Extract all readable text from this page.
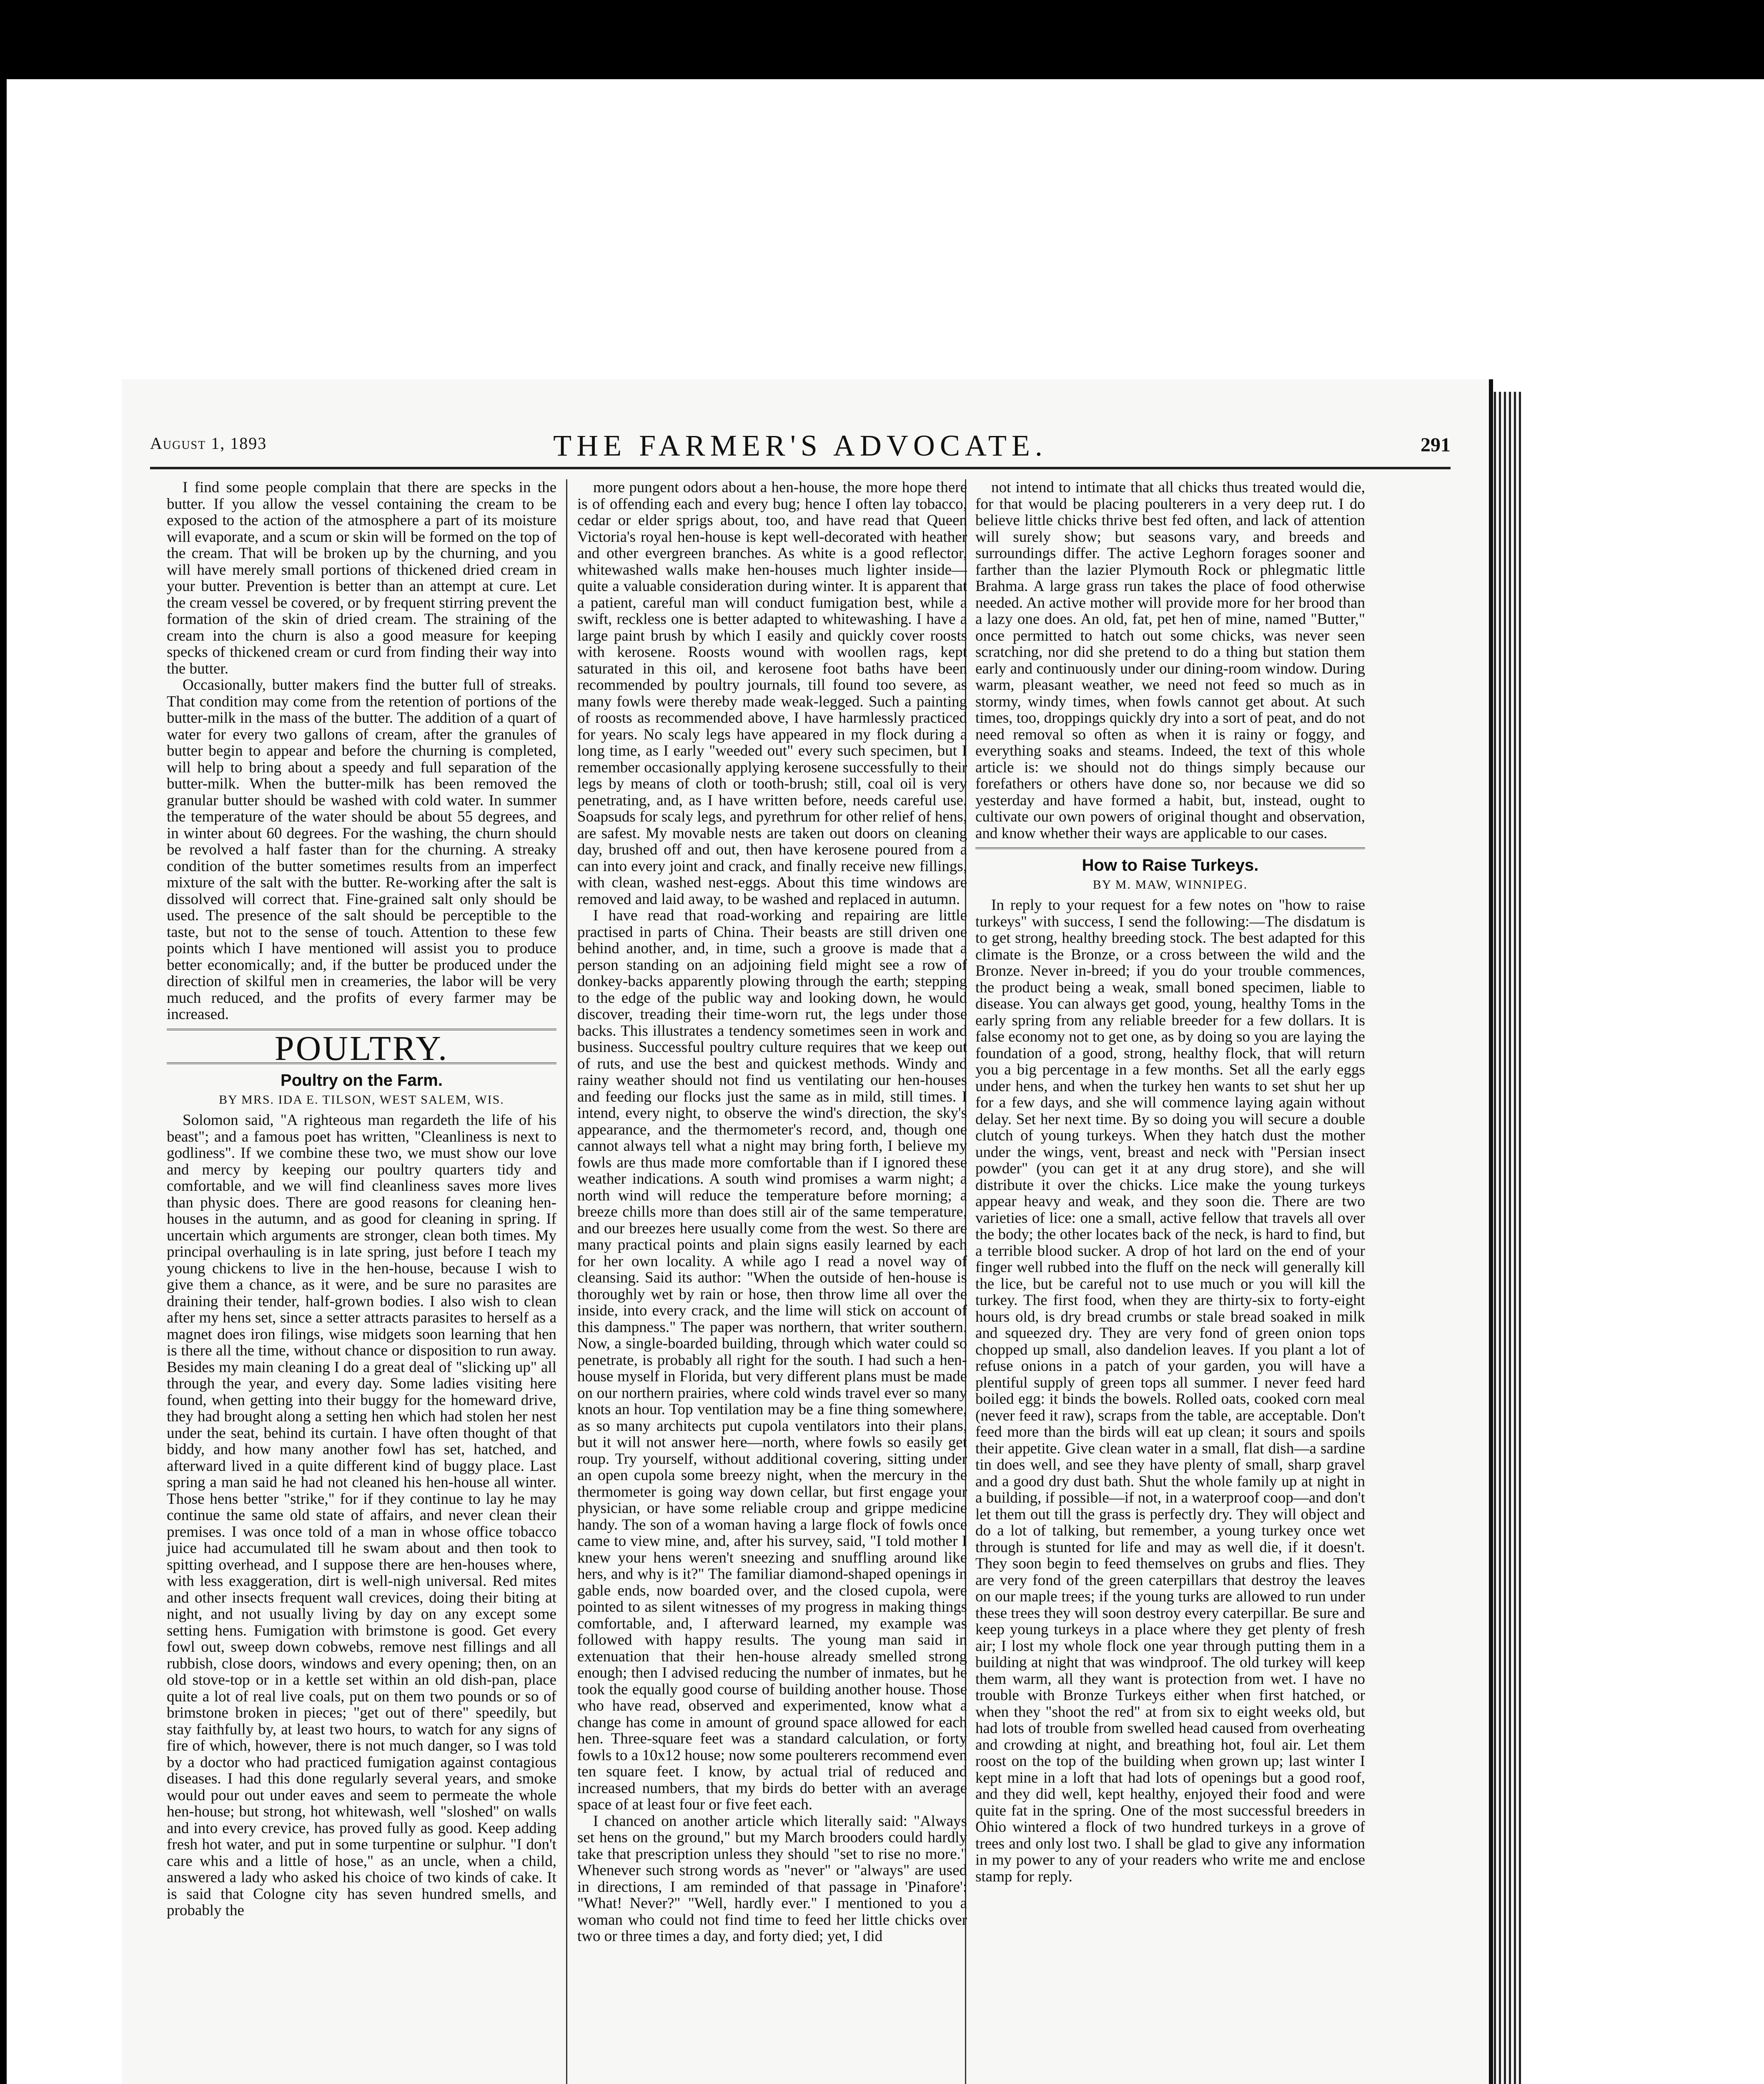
August 1, 1893	THE FARMER'S ADVOCATE.	291

I find some people complain that there are specks in the butter. If you allow the vessel containing the cream to be exposed to the action of the atmosphere a part of its moisture will evaporate, and a scum or skin will be formed on the top of the cream. That will be broken up by the churning, and you will have merely small portions of thickened dried cream in your butter. Prevention is better than an attempt at cure. Let the cream vessel be covered, or by frequent stirring prevent the formation of the skin of dried cream. The straining of the cream into the churn is also a good measure for keeping specks of thickened cream or curd from finding their way into the butter.

Occasionally, butter makers find the butter full of streaks. That condition may come from the retention of portions of the butter-milk in the mass of the butter. The addition of a quart of water for every two gallons of cream, after the granules of butter begin to appear and before the churning is completed, will help to bring about a speedy and full separation of the butter-milk. When the butter-milk has been removed the granular butter should be washed with cold water. In summer the temperature of the water should be about 55 degrees, and in winter about 60 degrees. For the washing, the churn should be revolved a half faster than for the churning. A streaky condition of the butter sometimes results from an imperfect mixture of the salt with the butter. Re-working after the salt is dissolved will correct that. Fine-grained salt only should be used. The presence of the salt should be perceptible to the taste, but not to the sense of touch. Attention to these few points which I have mentioned will assist you to produce better economically; and, if the butter be produced under the direction of skilful men in creameries, the labor will be very much reduced, and the profits of every farmer may be increased.

POULTRY.
Poultry on the Farm.
BY MRS. IDA E. TILSON, WEST SALEM, WIS.

Solomon said, "A righteous man regardeth the life of his beast"; and a famous poet has written, "Cleanliness is next to godliness". If we combine these two, we must show our love and mercy by keeping our poultry quarters tidy and comfortable, and we will find cleanliness saves more lives than physic does. There are good reasons for cleaning hen-houses in the autumn, and as good for cleaning in spring. If uncertain which arguments are stronger, clean both times. My principal overhauling is in late spring, just before I teach my young chickens to live in the hen-house, because I wish to give them a chance, as it were, and be sure no parasites are draining their tender, half-grown bodies. I also wish to clean after my hens set, since a setter attracts parasites to herself as a magnet does iron filings, wise midgets soon learning that hen is there all the time, without chance or disposition to run away. Besides my main cleaning I do a great deal of "slicking up" all through the year, and every day. Some ladies visiting here found, when getting into their buggy for the homeward drive, they had brought along a setting hen which had stolen her nest under the seat, behind its curtain. I have often thought of that biddy, and how many another fowl has set, hatched, and afterward lived in a quite different kind of buggy place. Last spring a man said he had not cleaned his hen-house all winter. Those hens better "strike," for if they continue to lay he may continue the same old state of affairs, and never clean their premises. I was once told of a man in whose office tobacco juice had accumulated till he swam about and then took to spitting overhead, and I suppose there are hen-houses where, with less exaggeration, dirt is well-nigh universal. Red mites and other insects frequent wall crevices, doing their biting at night, and not usually living by day on any except some setting hens. Fumigation with brimstone is good. Get every fowl out, sweep down cobwebs, remove nest fillings and all rubbish, close doors, windows and every opening; then, on an old stove-top or in a kettle set within an old dish-pan, place quite a lot of real live coals, put on them two pounds or so of brimstone broken in pieces; "get out of there" speedily, but stay faithfully by, at least two hours, to watch for any signs of fire of which, however, there is not much danger, so I was told by a doctor who had practiced fumigation against contagious diseases. I had this done regularly several years, and smoke would pour out under eaves and seem to permeate the whole hen-house; but strong, hot whitewash, well "sloshed" on walls and into every crevice, has proved fully as good. Keep adding fresh hot water, and put in some turpentine or sulphur. "I don't care whis and a little of hose," as an uncle, when a child, answered a lady who asked his choice of two kinds of cake. It is said that Cologne city has seven hundred smells, and probably the

more pungent odors about a hen-house, the more hope there is of offending each and every bug; hence I often lay tobacco, cedar or elder sprigs about, too, and have read that Queen Victoria's royal hen-house is kept well-decorated with heather and other evergreen branches. As white is a good reflector, whitewashed walls make hen-houses much lighter inside—quite a valuable consideration during winter. It is apparent that a patient, careful man will conduct fumigation best, while a swift, reckless one is better adapted to whitewashing. I have a large paint brush by which I easily and quickly cover roosts with kerosene. Roosts wound with woollen rags, kept saturated in this oil, and kerosene foot baths have been recommended by poultry journals, till found too severe, as many fowls were thereby made weak-legged. Such a painting of roosts as recommended above, I have harmlessly practiced for years. No scaly legs have appeared in my flock during a long time, as I early "weeded out" every such specimen, but I remember occasionally applying kerosene successfully to their legs by means of cloth or tooth-brush; still, coal oil is very penetrating, and, as I have written before, needs careful use. Soapsuds for scaly legs, and pyrethrum for other relief of hens, are safest. My movable nests are taken out doors on cleaning day, brushed off and out, then have kerosene poured from a can into every joint and crack, and finally receive new fillings, with clean, washed nest-eggs. About this time windows are removed and laid away, to be washed and replaced in autumn.

I have read that road-working and repairing are little practised in parts of China. Their beasts are still driven one behind another, and, in time, such a groove is made that a person standing on an adjoining field might see a row of donkey-backs apparently plowing through the earth; stepping to the edge of the public way and looking down, he would discover, treading their time-worn rut, the legs under those backs. This illustrates a tendency sometimes seen in work and business. Successful poultry culture requires that we keep out of ruts, and use the best and quickest methods. Windy and rainy weather should not find us ventilating our hen-houses and feeding our flocks just the same as in mild, still times. I intend, every night, to observe the wind's direction, the sky's appearance, and the thermometer's record, and, though one cannot always tell what a night may bring forth, I believe my fowls are thus made more comfortable than if I ignored these weather indications. A south wind promises a warm night; a north wind will reduce the temperature before morning; a breeze chills more than does still air of the same temperature, and our breezes here usually come from the west. So there are many practical points and plain signs easily learned by each for her own locality. A while ago I read a novel way of cleansing. Said its author: "When the outside of hen-house is thoroughly wet by rain or hose, then throw lime all over the inside, into every crack, and the lime will stick on account of this dampness." The paper was northern, that writer southern. Now, a single-boarded building, through which water could so penetrate, is probably all right for the south. I had such a hen-house myself in Florida, but very different plans must be made on our northern prairies, where cold winds travel ever so many knots an hour. Top ventilation may be a fine thing somewhere, as so many architects put cupola ventilators into their plans, but it will not answer here—north, where fowls so easily get roup. Try yourself, without additional covering, sitting under an open cupola some breezy night, when the mercury in the thermometer is going way down cellar, but first engage your physician, or have some reliable croup and grippe medicine handy. The son of a woman having a large flock of fowls once came to view mine, and, after his survey, said, "I told mother I knew your hens weren't sneezing and snuffling around like hers, and why is it?" The familiar diamond-shaped openings in gable ends, now boarded over, and the closed cupola, were pointed to as silent witnesses of my progress in making things comfortable, and, I afterward learned, my example was followed with happy results. The young man said in extenuation that their hen-house already smelled strong enough; then I advised reducing the number of inmates, but he took the equally good course of building another house. Those who have read, observed and experimented, know what a change has come in amount of ground space allowed for each hen. Three-square feet was a standard calculation, or forty fowls to a 10x12 house; now some poulterers recommend even ten square feet. I know, by actual trial of reduced and increased numbers, that my birds do better with an average space of at least four or five feet each.

I chanced on another article which literally said: "Always set hens on the ground," but my March brooders could hardly take that prescription unless they should "set to rise no more." Whenever such strong words as "never" or "always" are used in directions, I am reminded of that passage in 'Pinafore': "What! Never?" "Well, hardly ever." I mentioned to you a woman who could not find time to feed her little chicks over two or three times a day, and forty died; yet, I did

not intend to intimate that all chicks thus treated would die, for that would be placing poulterers in a very deep rut. I do believe little chicks thrive best fed often, and lack of attention will surely show; but seasons vary, and breeds and surroundings differ. The active Leghorn forages sooner and farther than the lazier Plymouth Rock or phlegmatic little Brahma. A large grass run takes the place of food otherwise needed. An active mother will provide more for her brood than a lazy one does. An old, fat, pet hen of mine, named "Butter," once permitted to hatch out some chicks, was never seen scratching, nor did she pretend to do a thing but station them early and continuously under our dining-room window. During warm, pleasant weather, we need not feed so much as in stormy, windy times, when fowls cannot get about. At such times, too, droppings quickly dry into a sort of peat, and do not need removal so often as when it is rainy or foggy, and everything soaks and steams. Indeed, the text of this whole article is: we should not do things simply because our forefathers or others have done so, nor because we did so yesterday and have formed a habit, but, instead, ought to cultivate our own powers of original thought and observation, and know whether their ways are applicable to our cases.

How to Raise Turkeys.
BY M. MAW, WINNIPEG.

In reply to your request for a few notes on "how to raise turkeys" with success, I send the following:—The disdatum is to get strong, healthy breeding stock. The best adapted for this climate is the Bronze, or a cross between the wild and the Bronze. Never in-breed; if you do your trouble commences, the product being a weak, small boned specimen, liable to disease. You can always get good, young, healthy Toms in the early spring from any reliable breeder for a few dollars. It is false economy not to get one, as by doing so you are laying the foundation of a good, strong, healthy flock, that will return you a big percentage in a few months. Set all the early eggs under hens, and when the turkey hen wants to set shut her up for a few days, and she will commence laying again without delay. Set her next time. By so doing you will secure a double clutch of young turkeys. When they hatch dust the mother under the wings, vent, breast and neck with "Persian insect powder" (you can get it at any drug store), and she will distribute it over the chicks. Lice make the young turkeys appear heavy and weak, and they soon die. There are two varieties of lice: one a small, active fellow that travels all over the body; the other locates back of the neck, is hard to find, but a terrible blood sucker. A drop of hot lard on the end of your finger well rubbed into the fluff on the neck will generally kill the lice, but be careful not to use much or you will kill the turkey. The first food, when they are thirty-six to forty-eight hours old, is dry bread crumbs or stale bread soaked in milk and squeezed dry. They are very fond of green onion tops chopped up small, also dandelion leaves. If you plant a lot of refuse onions in a patch of your garden, you will have a plentiful supply of green tops all summer. I never feed hard boiled egg: it binds the bowels. Rolled oats, cooked corn meal (never feed it raw), scraps from the table, are acceptable. Don't feed more than the birds will eat up clean; it sours and spoils their appetite. Give clean water in a small, flat dish—a sardine tin does well, and see they have plenty of small, sharp gravel and a good dry dust bath. Shut the whole family up at night in a building, if possible—if not, in a waterproof coop—and don't let them out till the grass is perfectly dry. They will object and do a lot of talking, but remember, a young turkey once wet through is stunted for life and may as well die, if it doesn't. They soon begin to feed themselves on grubs and flies. They are very fond of the green caterpillars that destroy the leaves on our maple trees; if the young turks are allowed to run under these trees they will soon destroy every caterpillar. Be sure and keep young turkeys in a place where they get plenty of fresh air; I lost my whole flock one year through putting them in a building at night that was windproof. The old turkey will keep them warm, all they want is protection from wet. I have no trouble with Bronze Turkeys either when first hatched, or when they "shoot the red" at from six to eight weeks old, but had lots of trouble from swelled head caused from overheating and crowding at night, and breathing hot, foul air. Let them roost on the top of the building when grown up; last winter I kept mine in a loft that had lots of openings but a good roof, and they did well, kept healthy, enjoyed their food and were quite fat in the spring. One of the most successful breeders in Ohio wintered a flock of two hundred turkeys in a grove of trees and only lost two. I shall be glad to give any information in my power to any of your readers who write me and enclose stamp for reply.
